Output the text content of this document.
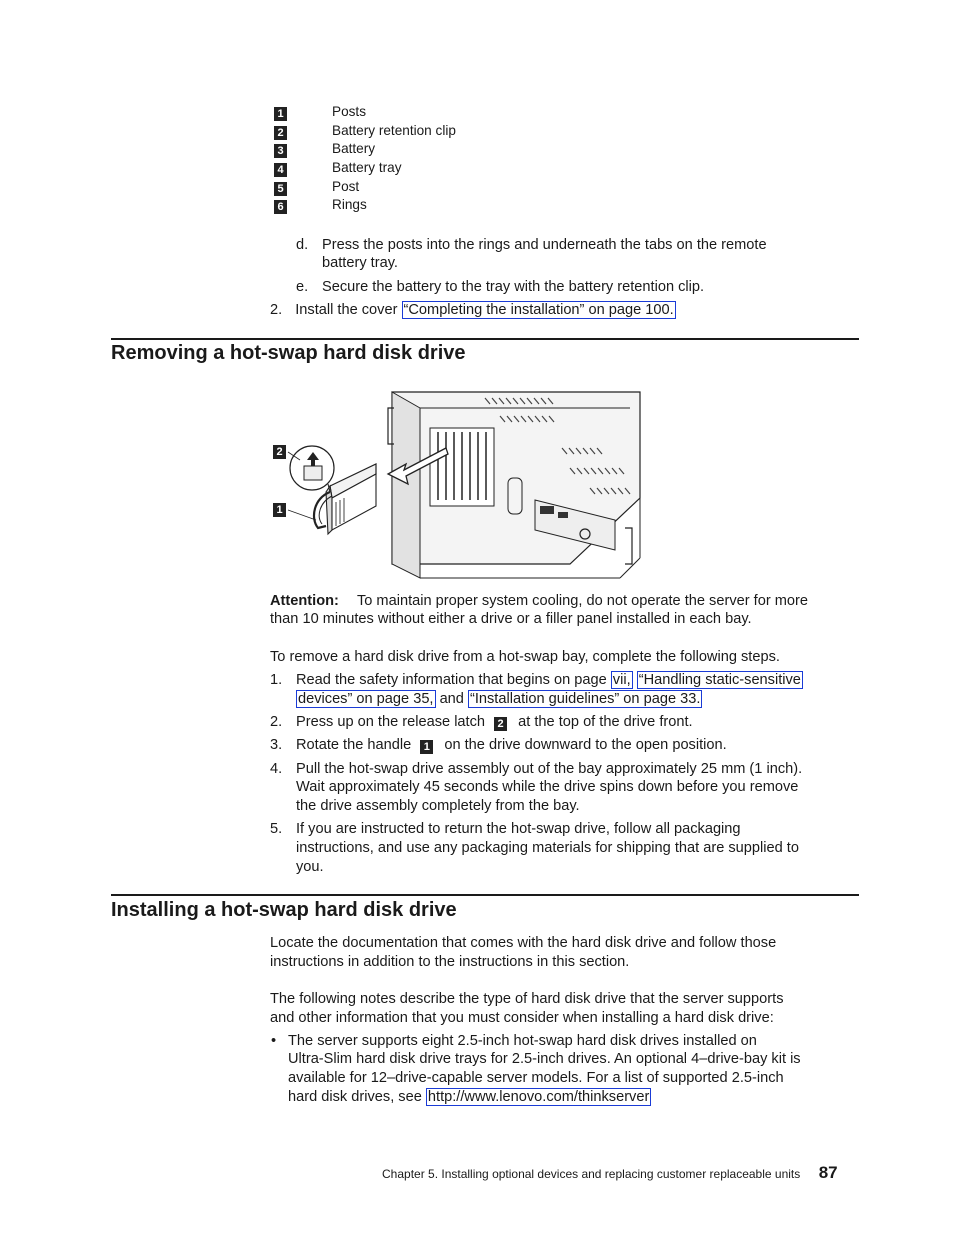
1	Posts
2	Battery retention clip
3	Battery
4	Battery tray
5	Post
6	Rings
d. Press the posts into the rings and underneath the tabs on the remote
battery tray.
e. Secure the battery to the tray with the battery retention clip.
2. Install the cover “Completing the installation” on page 100.
Removing a hot-swap hard disk drive
2
1
Attention: To maintain proper system cooling, do not operate the server for more
than 10 minutes without either a drive or a filler panel installed in each bay.
To remove a hard disk drive from a hot-swap bay, complete the following steps.
1. Read the safety information that begins on page vii, “Handling static-sensitive
devices” on page 35, and “Installation guidelines” on page 33.
2. Press up on the release latch 2 at the top of the drive front.
3. Rotate the handle 1 on the drive downward to the open position.
4. Pull the hot-swap drive assembly out of the bay approximately 25 mm (1 inch).
Wait approximately 45 seconds while the drive spins down before you remove
the drive assembly completely from the bay.
5. If you are instructed to return the hot-swap drive, follow all packaging
instructions, and use any packaging materials for shipping that are supplied to
you.
Installing a hot-swap hard disk drive
Locate the documentation that comes with the hard disk drive and follow those
instructions in addition to the instructions in this section.
The following notes describe the type of hard disk drive that the server supports
and other information that you must consider when installing a hard disk drive:
• The server supports eight 2.5-inch hot-swap hard disk drives installed on
Ultra-Slim hard disk drive trays for 2.5-inch drives. An optional 4–drive-bay kit is
available for 12–drive-capable server models. For a list of supported 2.5-inch
hard disk drives, see http://www.lenovo.com/thinkserver
Chapter 5. Installing optional devices and replacing customer replaceable units 87
